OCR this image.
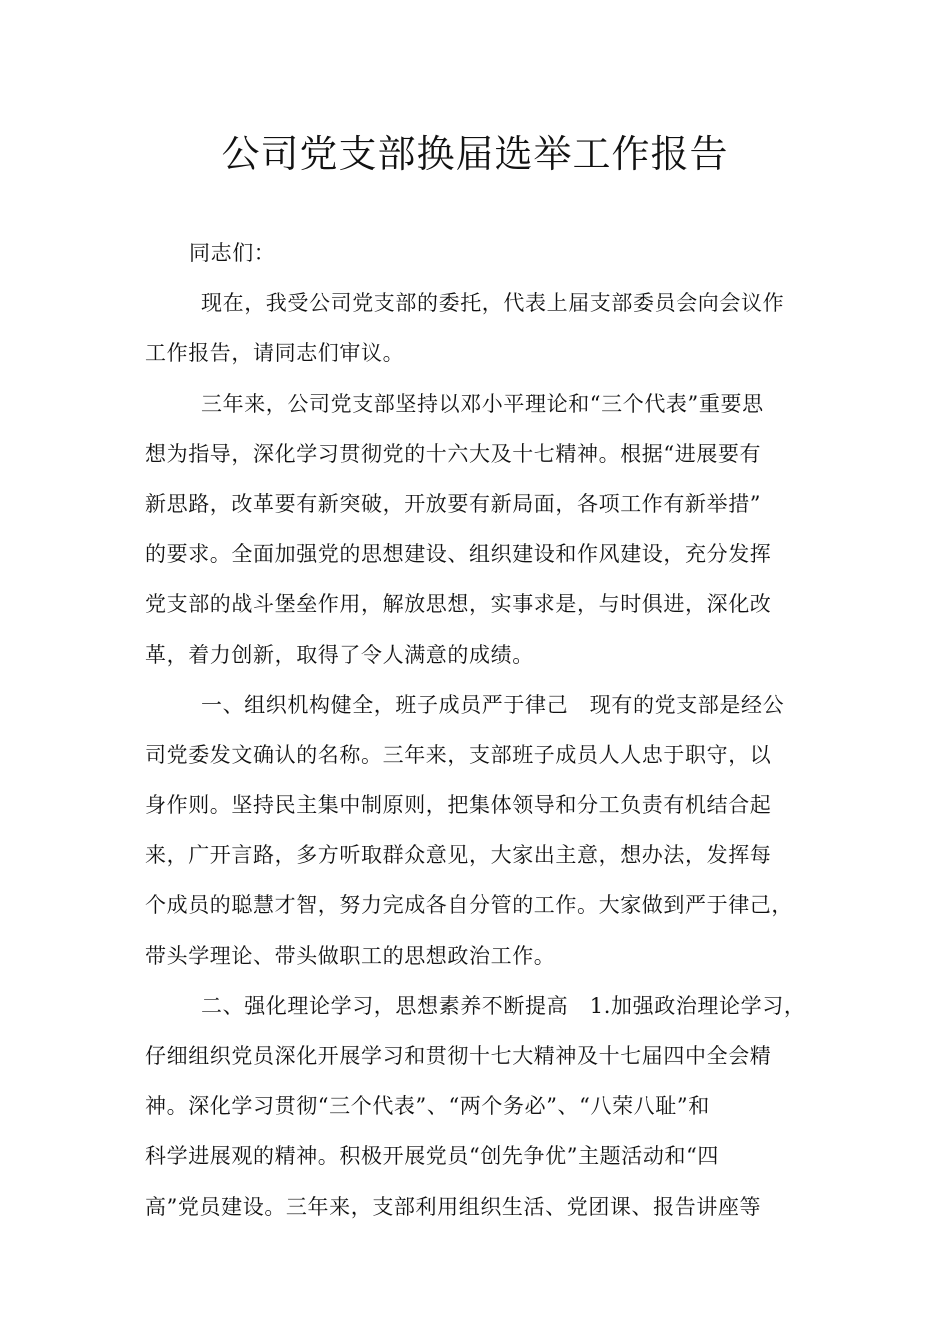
公司党支部换届选举工作报告
同志们：
现在，我受公司党支部的委托，代表上届支部委员会向会议作
工作报告，请同志们审议。
三年来，公司党支部坚持以邓小平理论和“三个代表”重要思
想为指导，深化学习贯彻党的十六大及十七精神。根据“进展要有
新思路，改革要有新突破，开放要有新局面，各项工作有新举措”
的要求。全面加强党的思想建设、组织建设和作风建设，充分发挥
党支部的战斗堡垒作用，解放思想，实事求是，与时俱进，深化改
革，着力创新，取得了令人满意的成绩。
一、组织机构健全，班子成员严于律己　现有的党支部是经公
司党委发文确认的名称。三年来，支部班子成员人人忠于职守，以
身作则。坚持民主集中制原则，把集体领导和分工负责有机结合起
来，广开言路，多方听取群众意见，大家出主意，想办法，发挥每
个成员的聪慧才智，努力完成各自分管的工作。大家做到严于律己，
带头学理论、带头做职工的思想政治工作。
二、强化理论学习，思想素养不断提高　1.加强政治理论学习，
仔细组织党员深化开展学习和贯彻十七大精神及十七届四中全会精
神。深化学习贯彻“三个代表”、“两个务必”、“八荣八耻”和
科学进展观的精神。积极开展党员“创先争优”主题活动和“四
高”党员建设。三年来，支部利用组织生活、党团课、报告讲座等
